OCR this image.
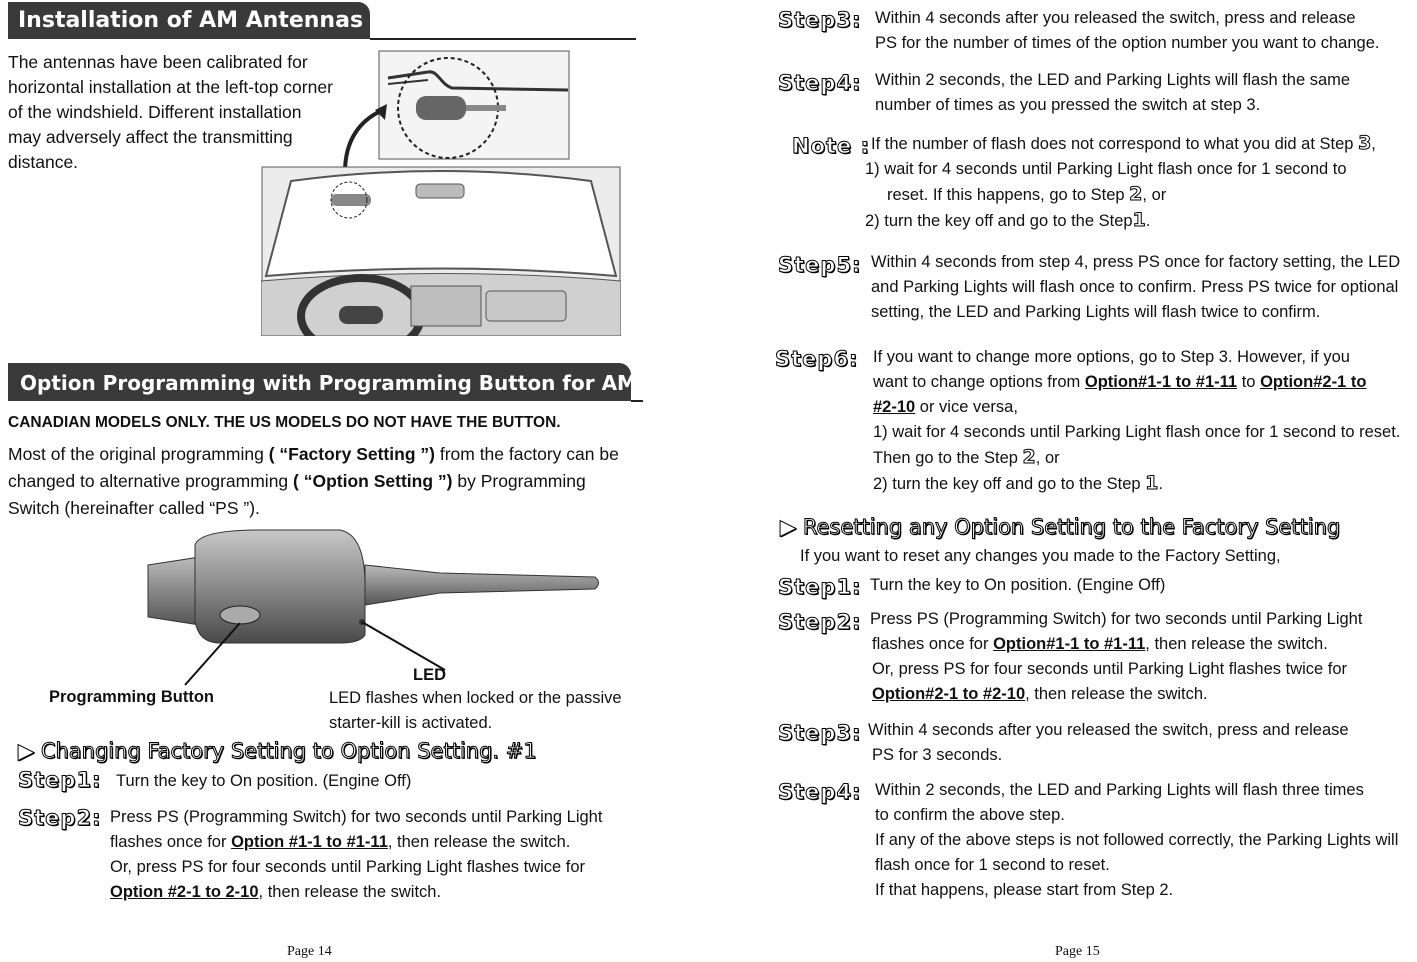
Installation of AM Antennas
The antennas have been calibrated for horizontal installation at the left-top corner of the windshield. Different installation may adversely affect the transmitting distance.
Option Programming with Programming Button for AM Units
CANADIAN MODELS ONLY. THE US MODELS DO NOT HAVE THE BUTTON.
Most of the original programming ( “Factory Setting ”) from the factory can be changed to alternative programming ( “Option Setting ”) by Programming Switch (hereinafter called “PS ”).
LED
LED flashes when locked or the passive starter-kill is activated.
Programming Button
▶ Changing Factory Setting to Option Setting. #1
Step1: Turn the key to On position. (Engine Off)
Step2: Press PS (Programming Switch) for two seconds until Parking Light
flashes once for Option #1-1 to #1-11, then release the switch.
Or, press PS for four seconds until Parking Light flashes twice for
Option #2-1 to 2-10, then release the switch.
Page 14
Step3: Within 4 seconds after you released the switch, press and release
PS for the number of times of the option number you want to change.
Step4: Within 2 seconds, the LED and Parking Lights will flash the same
number of times as you pressed the switch at step 3.
Note : If the number of flash does not correspond to what you did at Step 3,
1) wait for 4 seconds until Parking Light flash once for 1 second to
reset. If this happens, go to Step 2, or
2) turn the key off and go to the Step1.
Step5: Within 4 seconds from step 4, press PS once for factory setting, the LED
and Parking Lights will flash once to confirm. Press PS twice for optional
setting, the LED and Parking Lights will flash twice to confirm.
Step6: If you want to change more options, go to Step 3. However, if you
want to change options from Option#1-1 to #1-11 to Option#2-1 to
#2-10 or vice versa,
1) wait for 4 seconds until Parking Light flash once for 1 second to reset.
Then go to the Step 2, or
2) turn the key off and go to the Step 1.
▶ Resetting any Option Setting to the Factory Setting
If you want to reset any changes you made to the Factory Setting,
Step1: Turn the key to On position. (Engine Off)
Step2: Press PS (Programming Switch) for two seconds until Parking Light
flashes once for Option#1-1 to #1-11, then release the switch.
Or, press PS for four seconds until Parking Light flashes twice for
Option#2-1 to #2-10, then release the switch.
Step3: Within 4 seconds after you released the switch, press and release
PS for 3 seconds.
Step4: Within 2 seconds, the LED and Parking Lights will flash three times
to confirm the above step.
If any of the above steps is not followed correctly, the Parking Lights will
flash once for 1 second to reset.
If that happens, please start from Step 2.
Page 15
